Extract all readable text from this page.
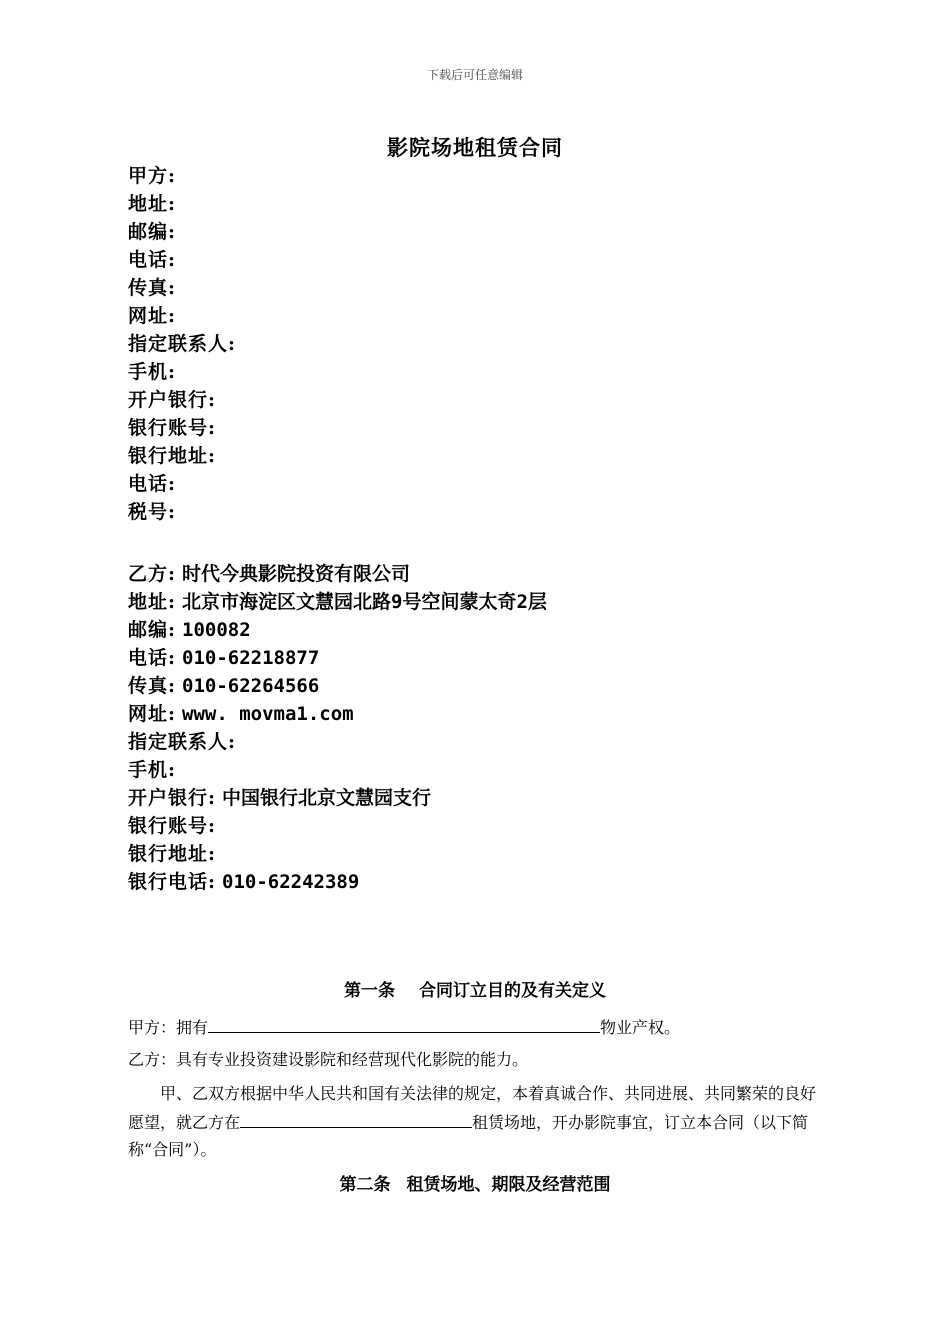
下载后可任意编辑
影院场地租赁合同
甲方:
地址:
邮编:
电话:
传真:
网址:
指定联系人:
手机:
开户银行:
银行账号:
银行地址:
电话:
税号:
乙方: 时代今典影院投资有限公司
地址: 北京市海淀区文慧园北路9号空间蒙太奇2层
邮编: 100082
电话: 010-62218877
传真: 010-62264566
网址: www. movma1.com
指定联系人:
手机:
开户银行: 中国银行北京文慧园支行
银行账号:
银行地址:
银行电话: 010-62242389
第一条 合同订立目的及有关定义
甲方：拥有	物业产权。
乙方：具有专业投资建设影院和经营现代化影院的能力。
甲、乙双方根据中华人民共和国有关法律的规定，本着真诚合作、共同进展、共同繁荣的良好愿望，就乙方在	租赁场地，开办影院事宜，订立本合同（以下简称“合同”）。
第二条 租赁场地、期限及经营范围
